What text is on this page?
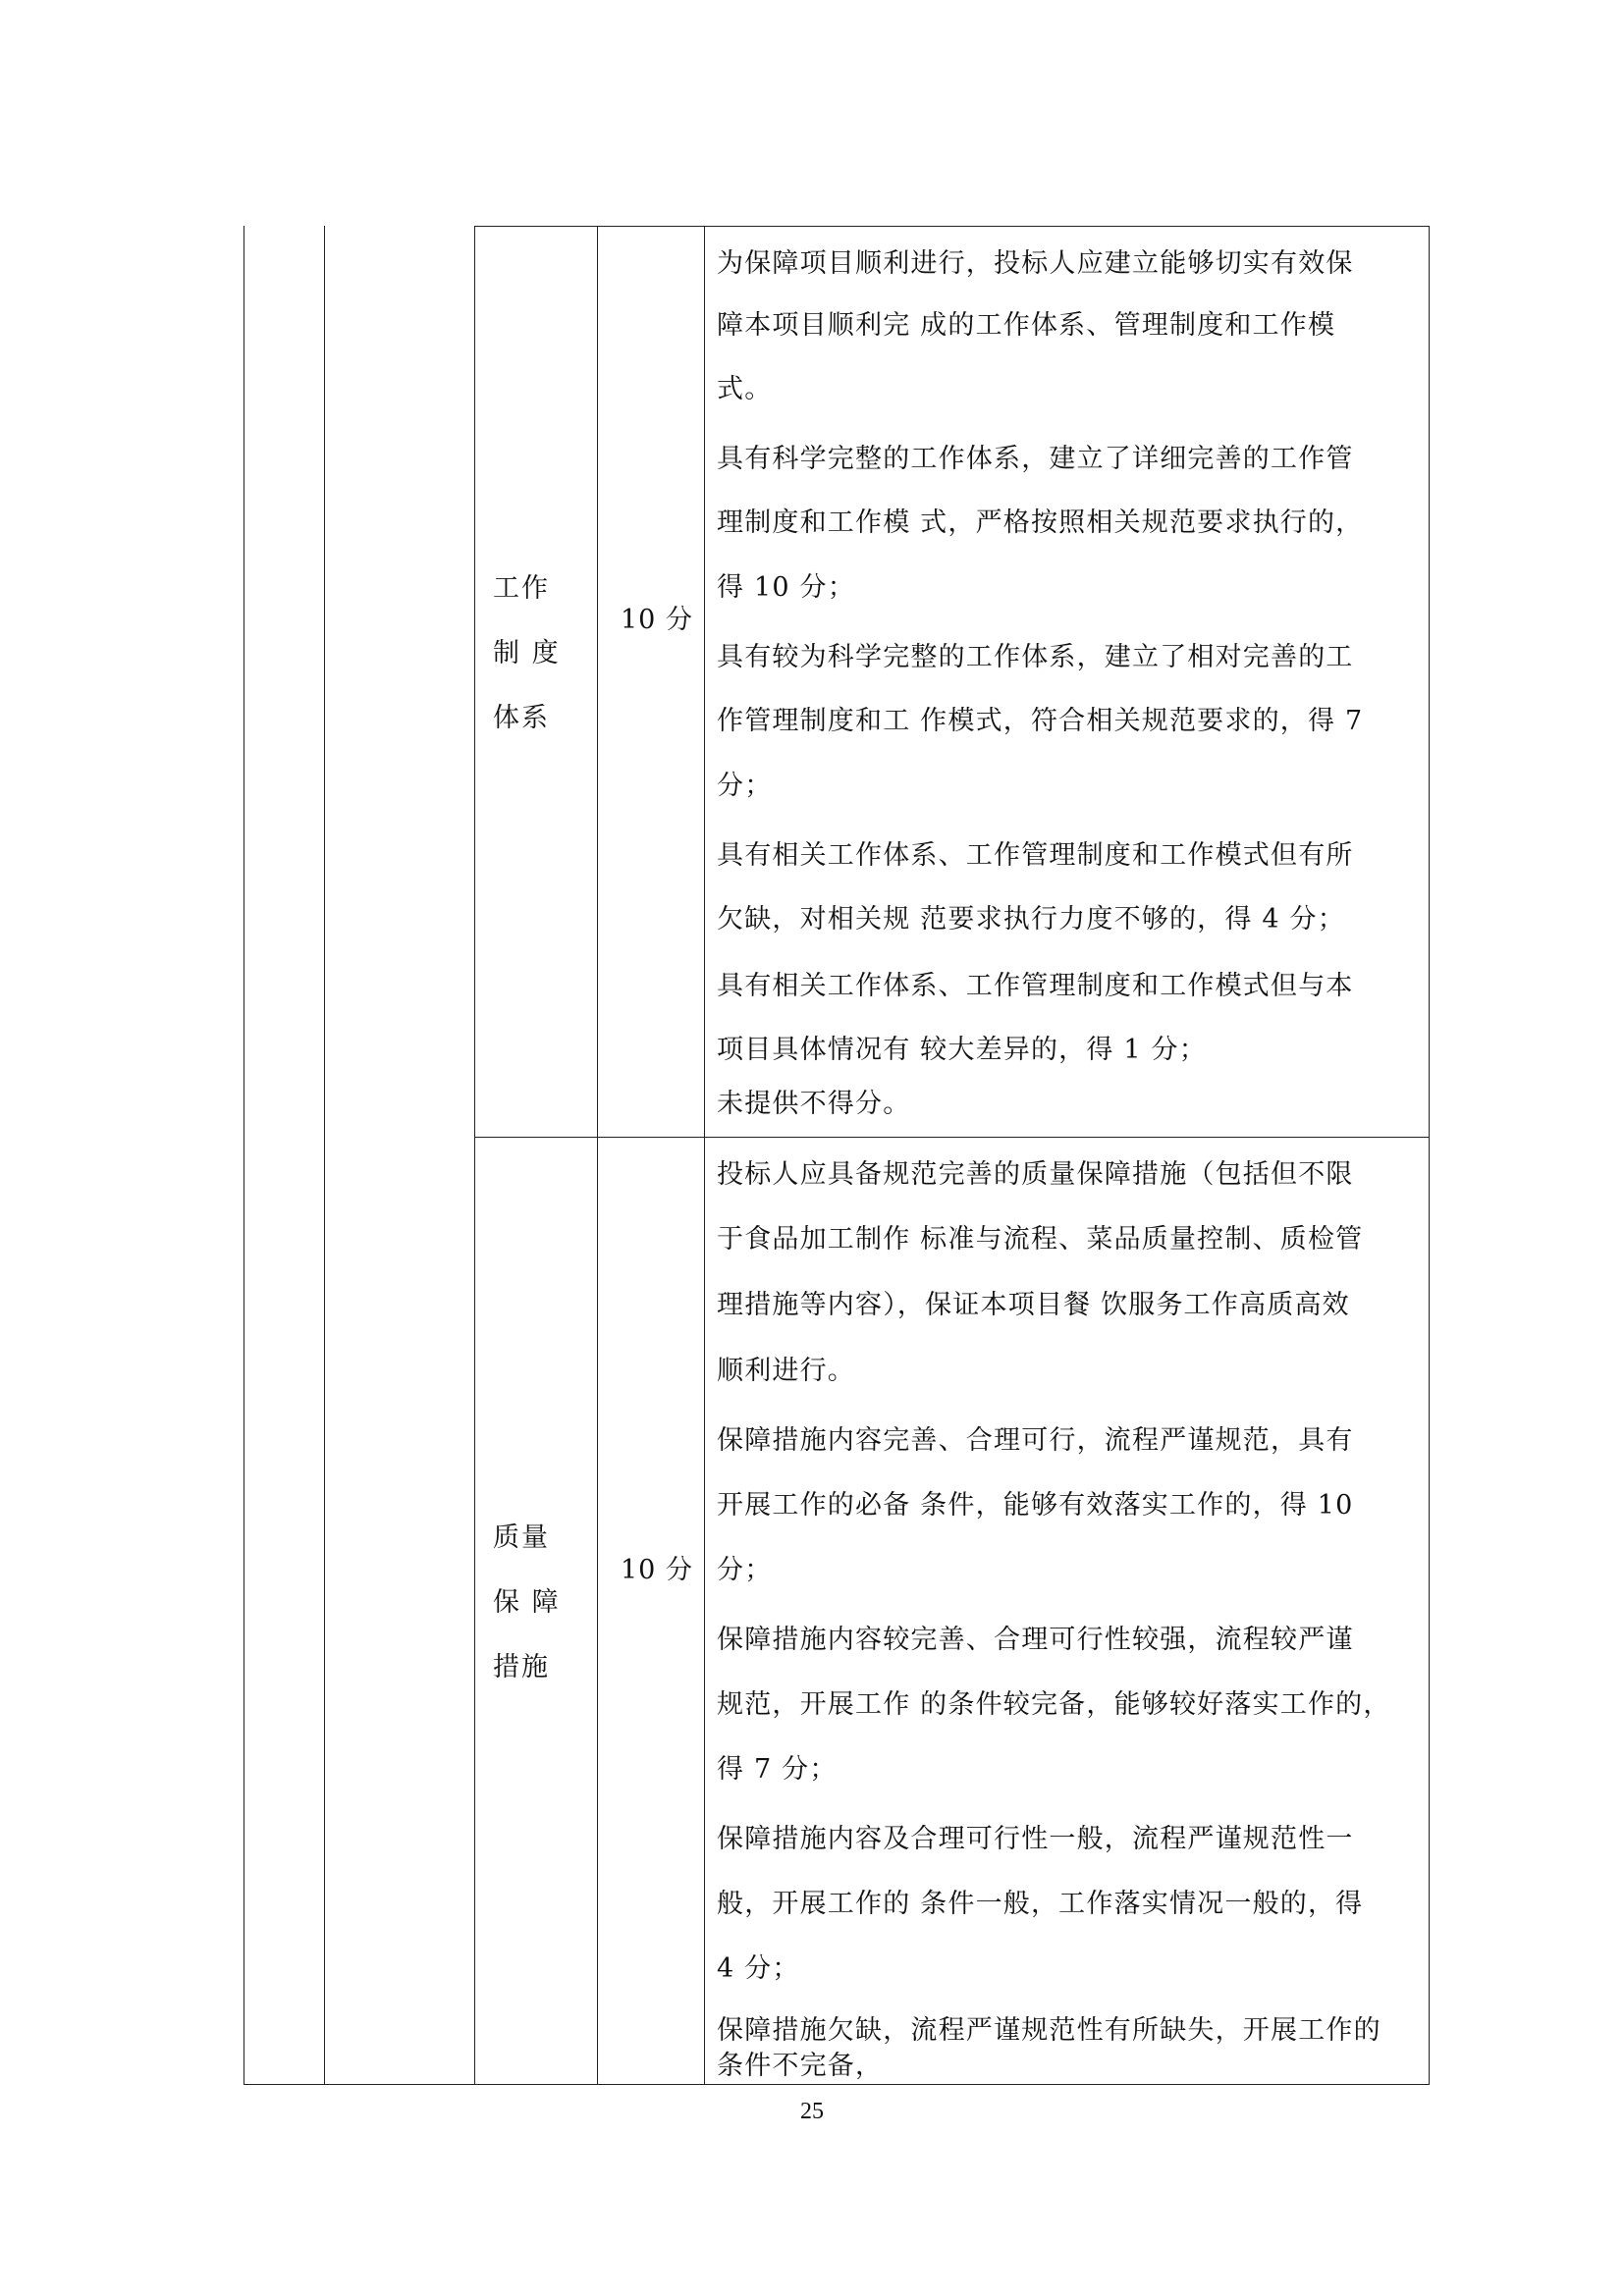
工作
制 度
体系
10 分
为保障项目顺利进行，投标人应建立能够切实有效保
障本项目顺利完 成的工作体系、管理制度和工作模
式。
具有科学完整的工作体系，建立了详细完善的工作管
理制度和工作模 式，严格按照相关规范要求执行的，
得 10 分；
具有较为科学完整的工作体系，建立了相对完善的工
作管理制度和工 作模式，符合相关规范要求的，得 7
分；
具有相关工作体系、工作管理制度和工作模式但有所
欠缺，对相关规 范要求执行力度不够的，得 4 分；
具有相关工作体系、工作管理制度和工作模式但与本
项目具体情况有 较大差异的，得 1 分；
未提供不得分。
质量
保 障
措施
10 分
投标人应具备规范完善的质量保障措施（包括但不限
于食品加工制作 标准与流程、菜品质量控制、质检管
理措施等内容），保证本项目餐 饮服务工作高质高效
顺利进行。
保障措施内容完善、合理可行，流程严谨规范，具有
开展工作的必备 条件，能够有效落实工作的，得 10
分；
保障措施内容较完善、合理可行性较强，流程较严谨
规范，开展工作 的条件较完备，能够较好落实工作的，
得 7 分；
保障措施内容及合理可行性一般，流程严谨规范性一
般，开展工作的 条件一般，工作落实情况一般的，得
4 分；
保障措施欠缺，流程严谨规范性有所缺失，开展工作的
条件不完备，
25
